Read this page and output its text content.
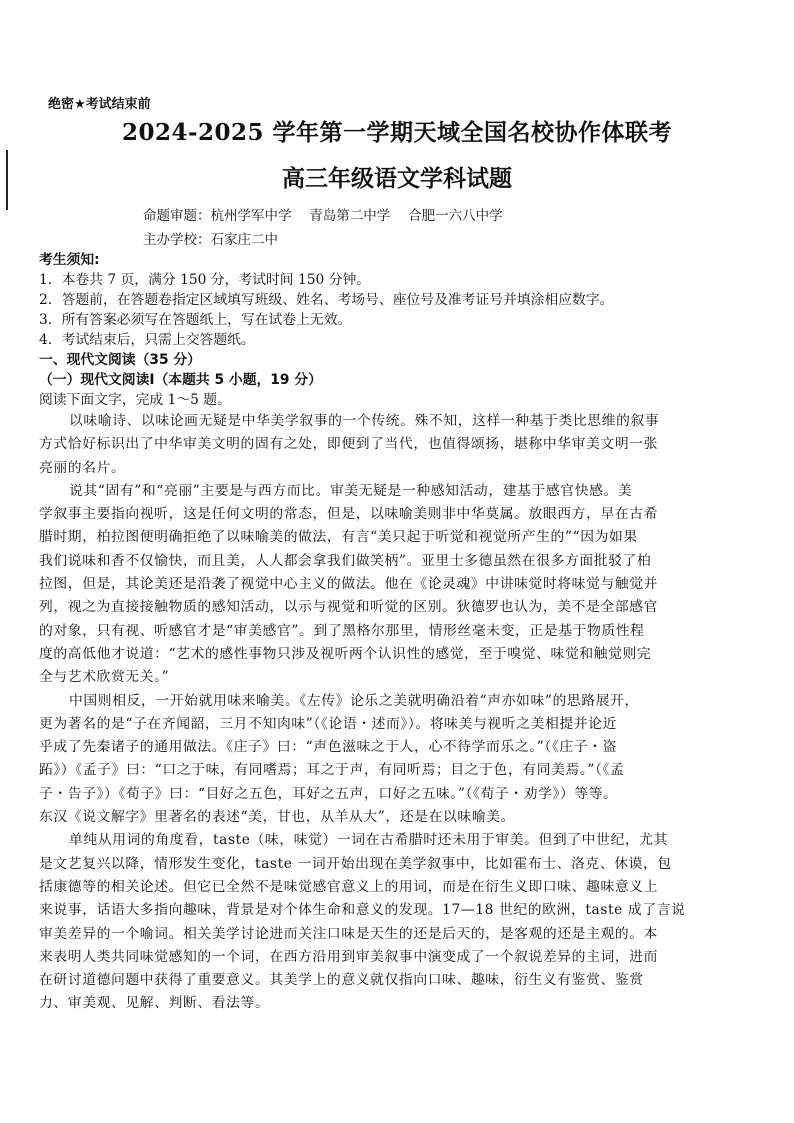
绝密★考试结束前
2024-2025 学年第一学期天域全国名校协作体联考
高三年级语文学科试题
命题审题：杭州学军中学　 青岛第二中学　 合肥一六八中学
主办学校：石家庄二中
考生须知:
1．本卷共 7 页，满分 150 分，考试时间 150 分钟。
2．答题前，在答题卷指定区域填写班级、姓名、考场号、座位号及准考证号并填涂相应数字。
3．所有答案必须写在答题纸上，写在试卷上无效。
4．考试结束后，只需上交答题纸。
一、现代文阅读（35 分）
（一）现代文阅读Ⅰ（本题共 5 小题，19 分）
阅读下面文字，完成 1～5 题。
以味喻诗、以味论画无疑是中华美学叙事的一个传统。殊不知，这样一种基于类比思维的叙事
方式恰好标识出了中华审美文明的固有之处，即便到了当代，也值得颂扬，堪称中华审美文明一张
亮丽的名片。
说其“固有”和“亮丽”主要是与西方而比。审美无疑是一种感知活动，建基于感官快感。美
学叙事主要指向视听，这是任何文明的常态，但是，以味喻美则非中华莫属。放眼西方，早在古希
腊时期，柏拉图便明确拒绝了以味喻美的做法，有言“美只起于听觉和视觉所产生的”“因为如果
我们说味和香不仅愉快，而且美，人人都会拿我们做笑柄”。亚里士多德虽然在很多方面批驳了柏
拉图，但是，其论美还是沿袭了视觉中心主义的做法。他在《论灵魂》中讲味觉时将味觉与触觉并
列，视之为直接接触物质的感知活动，以示与视觉和听觉的区别。狄德罗也认为，美不是全部感官
的对象，只有视、听感官才是“审美感官”。到了黑格尔那里，情形丝毫未变，正是基于物质性程
度的高低他才说道：“艺术的感性事物只涉及视听两个认识性的感觉，至于嗅觉、味觉和触觉则完
全与艺术欣赏无关。”
中国则相反，一开始就用味来喻美。《左传》论乐之美就明确沿着“声亦如味”的思路展开，
更为著名的是“子在齐闻韶，三月不知肉味”（《论语・述而》）。将味美与视听之美相提并论近
乎成了先秦诸子的通用做法。《庄子》曰：“声色滋味之于人，心不待学而乐之。”（《庄子・盗
跖》）《孟子》曰：“口之于味，有同嗜焉；耳之于声，有同听焉；目之于色，有同美焉。”（《孟
子・告子》）《荀子》曰：“目好之五色，耳好之五声，口好之五味。”（《荀子・劝学》）等等。
东汉《说文解字》里著名的表述“美，甘也，从羊从大”，还是在以味喻美。
单纯从用词的角度看，taste（味，味觉）一词在古希腊时还未用于审美。但到了中世纪，尤其
是文艺复兴以降，情形发生变化，taste 一词开始出现在美学叙事中，比如霍布士、洛克、休谟，包
括康德等的相关论述。但它已全然不是味觉感官意义上的用词，而是在衍生义即口味、趣味意义上
来说事，话语大多指向趣味，背景是对个体生命和意义的发现。17—18 世纪的欧洲，taste 成了言说
审美差异的一个喻词。相关美学讨论进而关注口味是天生的还是后天的，是客观的还是主观的。本
来表明人类共同味觉感知的一个词，在西方沿用到审美叙事中演变成了一个叙说差异的主词，进而
在研讨道德问题中获得了重要意义。其美学上的意义就仅指向口味、趣味，衍生义有鉴赏、鉴赏
力、审美观、见解、判断、看法等。
